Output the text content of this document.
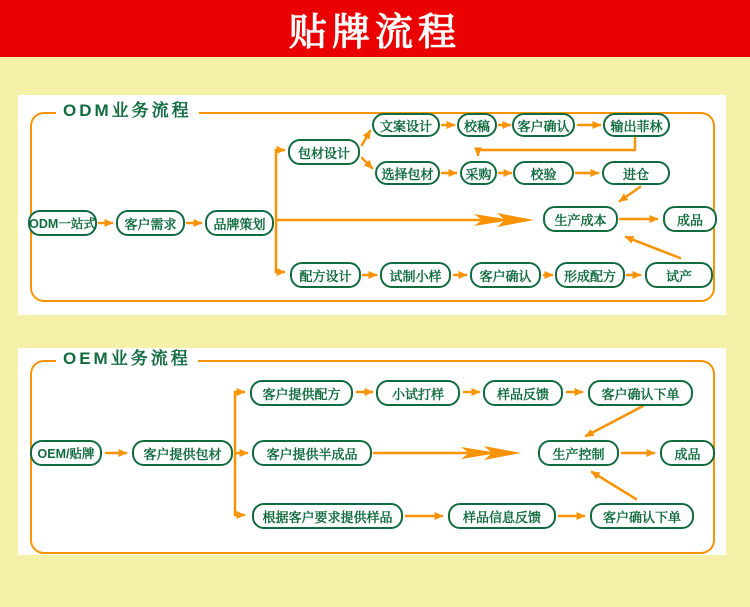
贴牌流程
ODM业务流程
ODM一站式	客户需求	品牌策划
包材设计
文案设计	校稿	客户确认	输出菲林
选择包材	采购	校验	进仓
生产成本	成品
配方设计	试制小样	客户确认	形成配方	试产
OEM业务流程
客户提供配方	小试打样	样品反馈	客户确认下单
OEM/贴牌	客户提供包材	客户提供半成品	生产控制	成品
根据客户要求提供样品	样品信息反馈	客户确认下单
